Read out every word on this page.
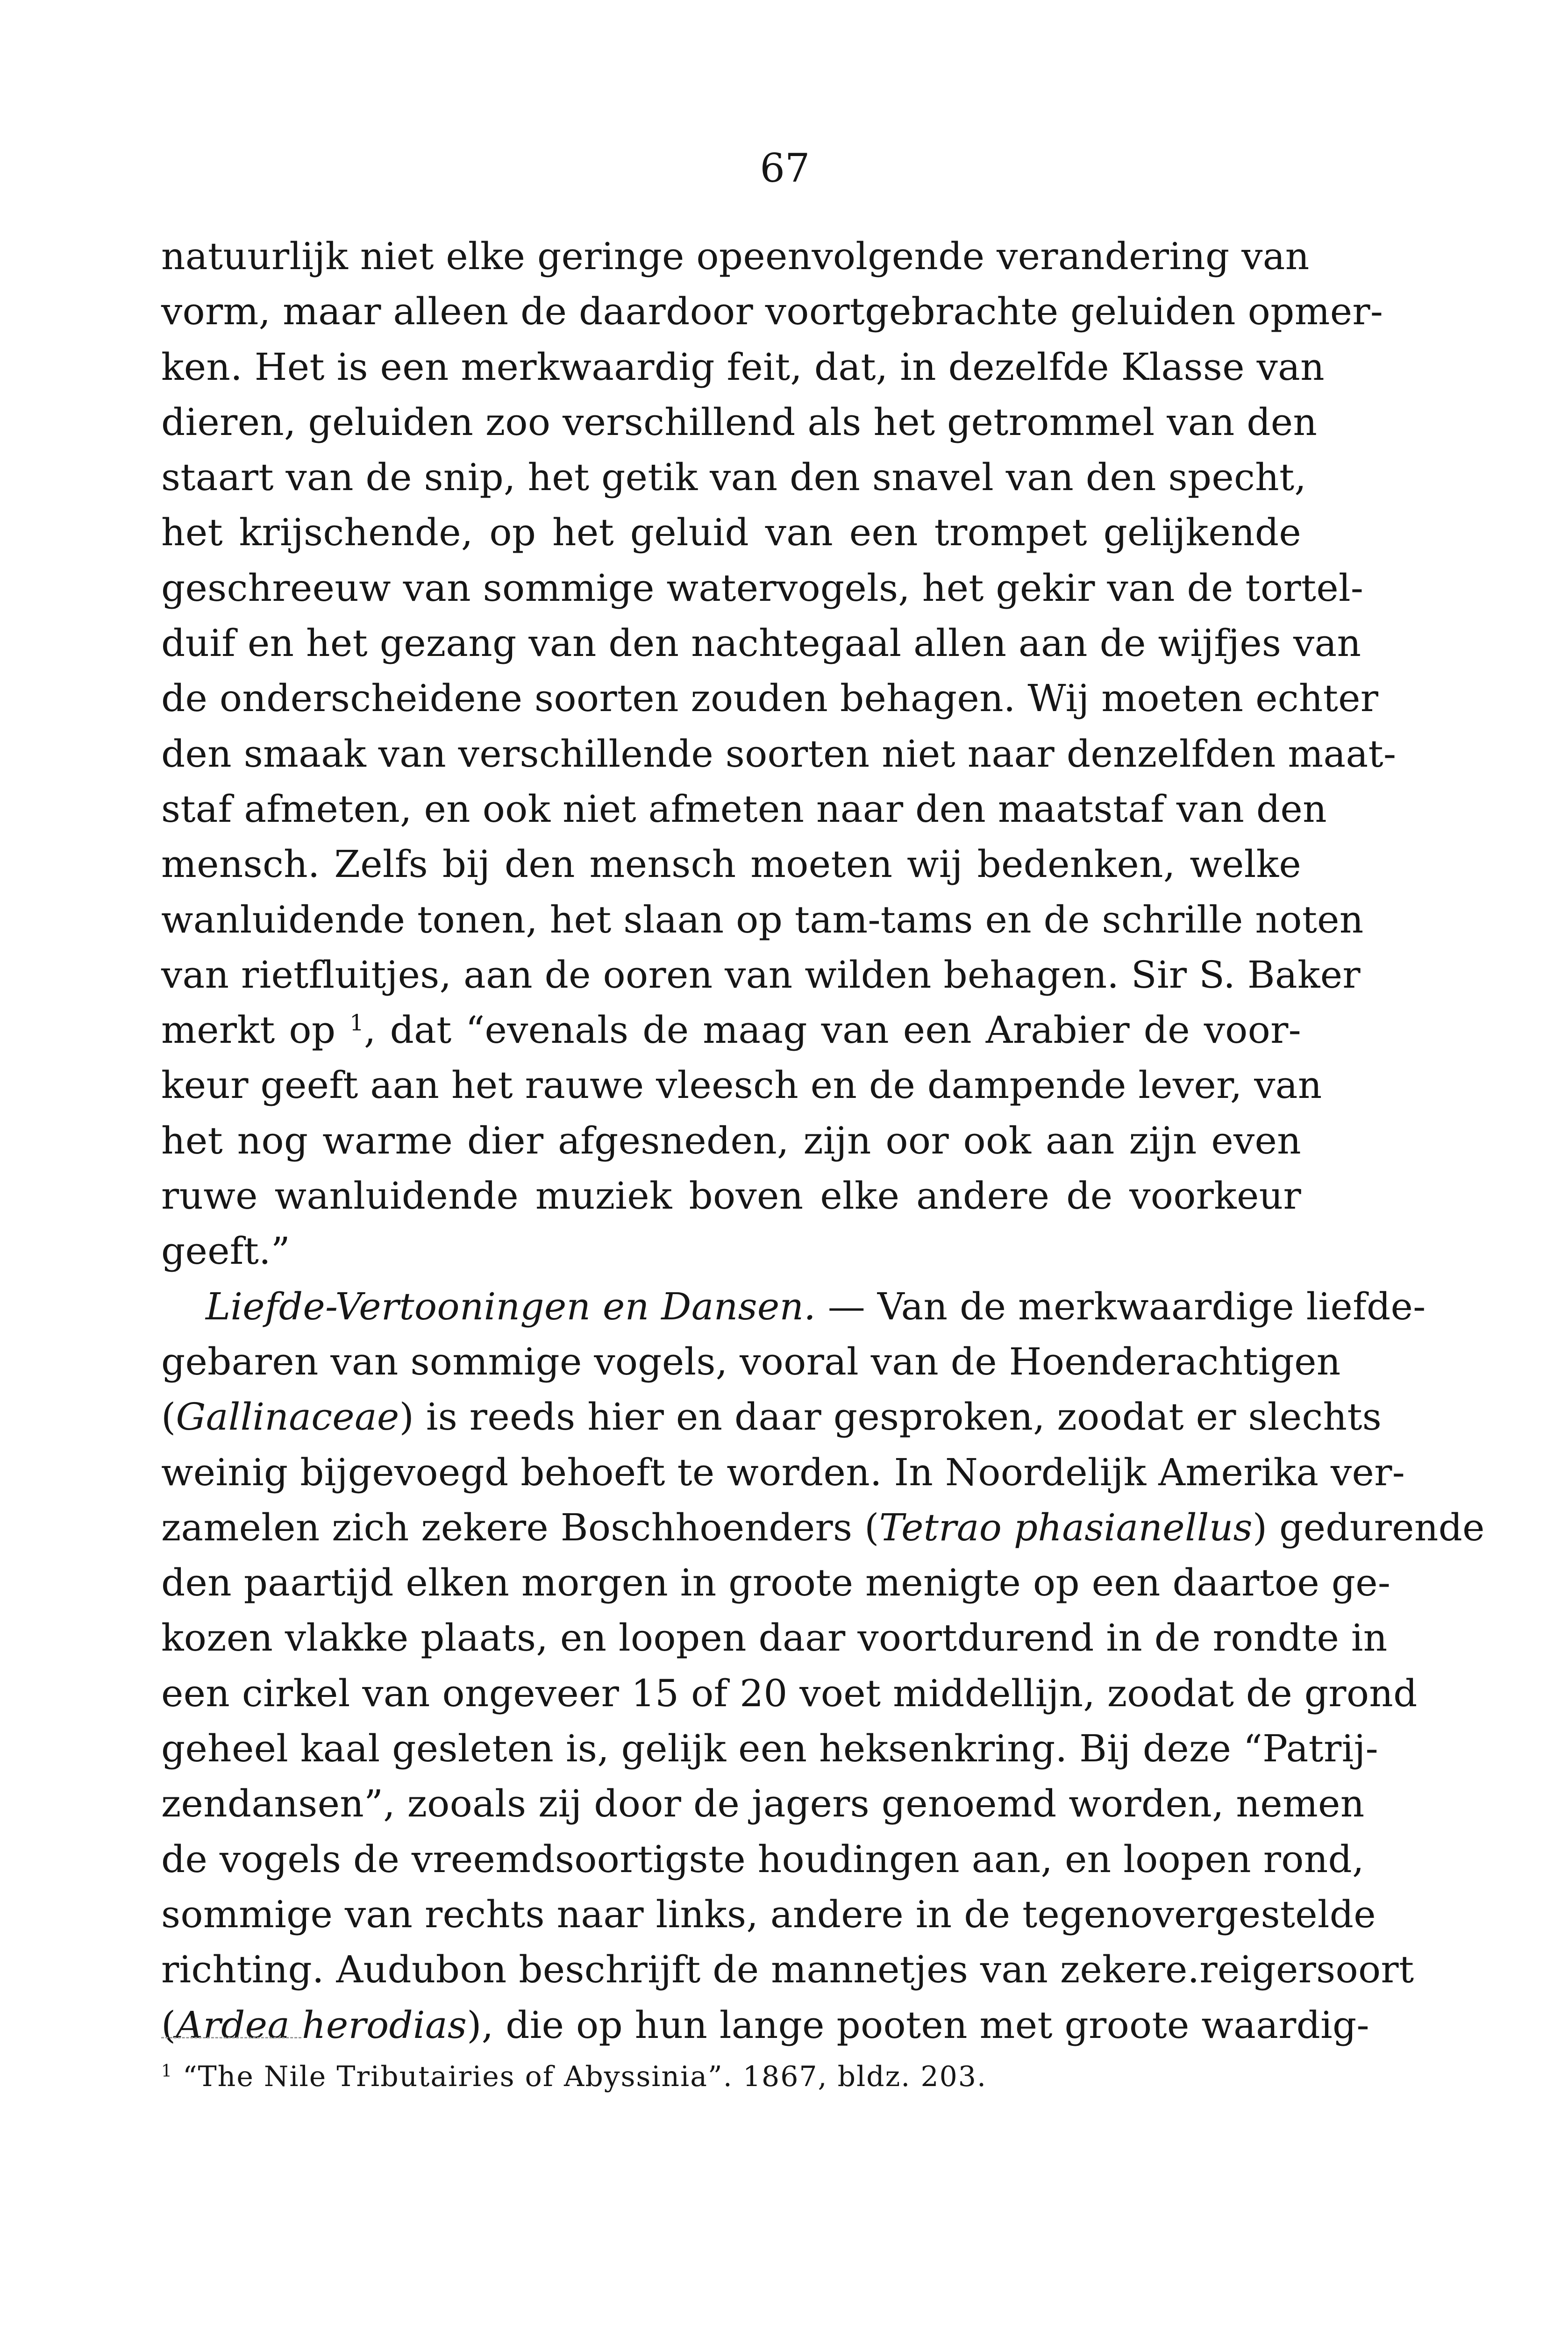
67
natuurlijk niet elke geringe opeenvolgende verandering van
vorm, maar alleen de daardoor voortgebrachte geluiden opmer-
ken. Het is een merkwaardig feit, dat, in dezelfde Klasse van
dieren, geluiden zoo verschillend als het getrommel van den
staart van de snip, het getik van den snavel van den specht,
het krijschende, op het geluid van een trompet gelijkende
geschreeuw van sommige watervogels, het gekir van de tortel-
duif en het gezang van den nachtegaal allen aan de wijfjes van
de onderscheidene soorten zouden behagen. Wij moeten echter
den smaak van verschillende soorten niet naar denzelfden maat-
staf afmeten, en ook niet afmeten naar den maatstaf van den
mensch. Zelfs bij den mensch moeten wij bedenken, welke
wanluidende tonen, het slaan op tam-tams en de schrille noten
van rietfluitjes, aan de ooren van wilden behagen. Sir S. Baker
merkt op $^1$, dat “evenals de maag van een Arabier de voor-
keur geeft aan het rauwe vleesch en de dampende lever, van
het nog warme dier afgesneden, zijn oor ook aan zijn even
ruwe wanluidende muziek boven elke andere de voorkeur
geeft.”
Liefde-Vertooningen en Dansen. — Van de merkwaardige liefde-
gebaren van sommige vogels, vooral van de Hoenderachtigen
(Gallinaceae) is reeds hier en daar gesproken, zoodat er slechts
weinig bijgevoegd behoeft te worden. In Noordelijk Amerika ver-
zamelen zich zekere Boschhoenders (Tetrao phasianellus) gedurende
den paartijd elken morgen in groote menigte op een daartoe ge-
kozen vlakke plaats, en loopen daar voortdurend in de rondte in
een cirkel van ongeveer 15 of 20 voet middellijn, zoodat de grond
geheel kaal gesleten is, gelijk een heksenkring. Bij deze “Patrij-
zendansen”, zooals zij door de jagers genoemd worden, nemen
de vogels de vreemdsoortigste houdingen aan, en loopen rond,
sommige van rechts naar links, andere in de tegenovergestelde
richting. Audubon beschrijft de mannetjes van zekere.reigersoort
(Ardea herodias), die op hun lange pooten met groote waardig-
$^1$ “The Nile Tributairies of Abyssinia”. 1867, bldz. 203.
